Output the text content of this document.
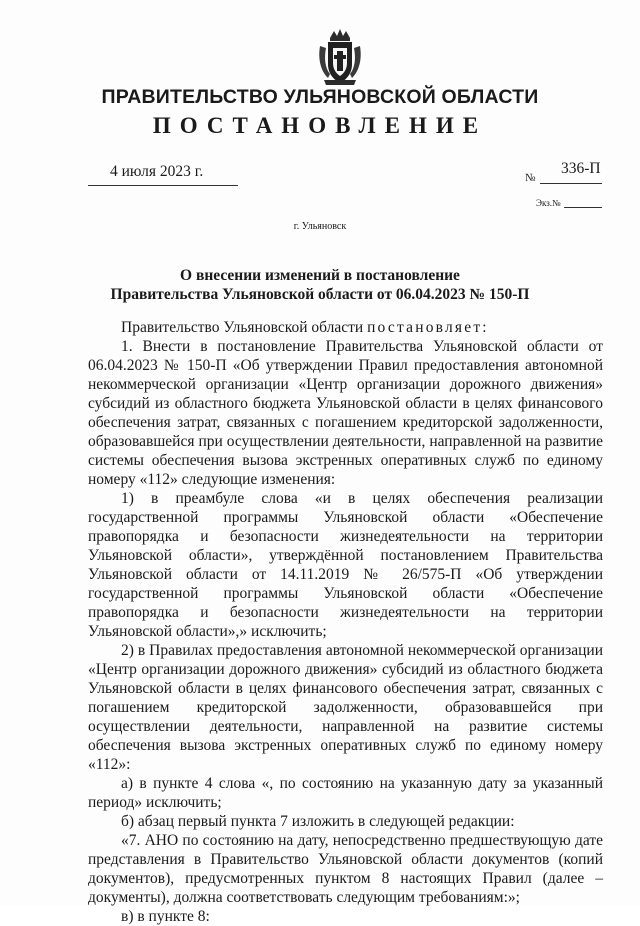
ПРАВИТЕЛЬСТВО УЛЬЯНОВСКОЙ ОБЛАСТИ
ПОСТАНОВЛЕНИЕ
4 июля 2023 г.	№
336-П
Экз.№
г. Ульяновск
О внесении изменений в постановление
Правительства Ульяновской области от 06.04.2023 № 150-П

Правительство Ульяновской области постановляет:

1. Внести в постановление Правительства Ульяновской области от 06.04.2023 № 150-П «Об утверждении Правил предоставления автономной некоммерческой организации «Центр организации дорожного движения» субсидий из областного бюджета Ульяновской области в целях финансового обеспечения затрат, связанных с погашением кредиторской задолженности, образовавшейся при осуществлении деятельности, направленной на развитие системы обеспечения вызова экстренных оперативных служб по единому номеру «112» следующие изменения:

1) в преамбуле слова «и в целях обеспечения реализации государственной программы Ульяновской области «Обеспечение правопорядка и безопасности жизнедеятельности на территории Ульяновской области», утверждённой постановлением Правительства Ульяновской области от 14.11.2019 № 26/575-П «Об утверждении государственной программы Ульяновской области «Обеспечение правопорядка и безопасности жизнедеятельности на территории Ульяновской области»,» исключить;

2) в Правилах предоставления автономной некоммерческой организации «Центр организации дорожного движения» субсидий из областного бюджета Ульяновской области в целях финансового обеспечения затрат, связанных с погашением кредиторской задолженности, образовавшейся при осуществлении деятельности, направленной на развитие системы обеспечения вызова экстренных оперативных служб по единому номеру «112»:

а) в пункте 4 слова «, по состоянию на указанную дату за указанный период» исключить;

б) абзац первый пункта 7 изложить в следующей редакции:

«7. АНО по состоянию на дату, непосредственно предшествующую дате представления в Правительство Ульяновской области документов (копий документов), предусмотренных пунктом 8 настоящих Правил (далее – документы), должна соответствовать следующим требованиям:»;

в) в пункте 8:
